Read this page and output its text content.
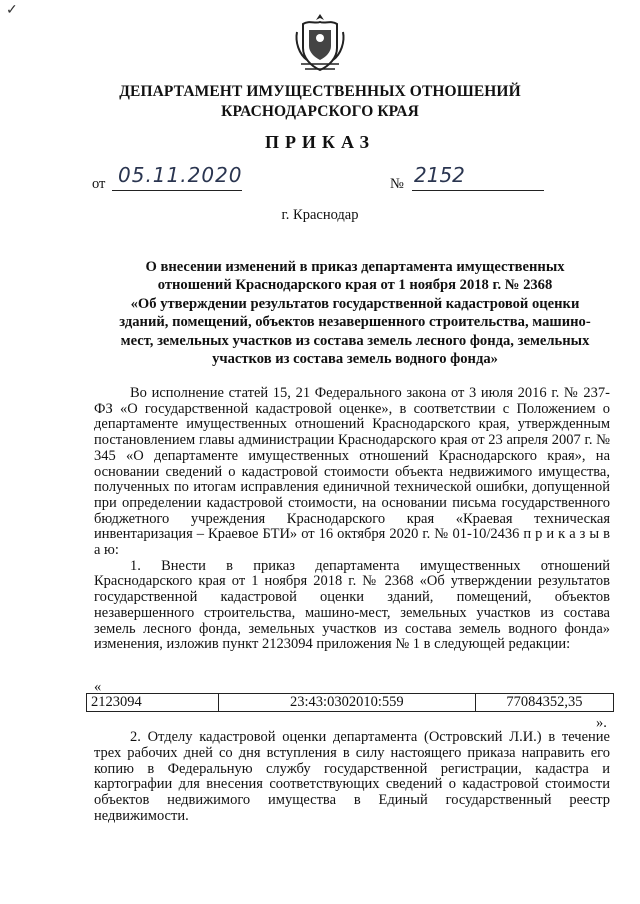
✓
ДЕПАРТАМЕНТ ИМУЩЕСТВЕННЫХ ОТНОШЕНИЙ
КРАСНОДАРСКОГО КРАЯ
ПРИКАЗ
от 05.11.2020	№ 2152
г. Краснодар
О внесении изменений в приказ департамента имущественных
отношений Краснодарского края от 1 ноября 2018 г. № 2368
«Об утверждении результатов государственной кадастровой оценки
зданий, помещений, объектов незавершенного строительства, машино-
мест, земельных участков из состава земель лесного фонда, земельных
участков из состава земель водного фонда»

Во исполнение статей 15, 21 Федерального закона от 3 июля 2016 г. № 237-ФЗ «О государственной кадастровой оценке», в соответствии с Положением о департаменте имущественных отношений Краснодарского края, утвержденным постановлением главы администрации Краснодарского края от 23 апреля 2007 г. № 345 «О департаменте имущественных отношений Краснодарского края», на основании сведений о кадастровой стоимости объекта недвижимого имущества, полученных по итогам исправления единичной технической ошибки, допущенной при определении кадастровой стоимости, на основании письма государственного бюджетного учреждения Краснодарского края «Краевая техническая инвентаризация – Краевое БТИ» от 16 октября 2020 г. № 01-10/2436 п р и к а з ы в а ю:

1. Внести в приказ департамента имущественных отношений Краснодарского края от 1 ноября 2018 г. № 2368 «Об утверждении результатов государственной кадастровой оценки зданий, помещений, объектов незавершенного строительства, машино-мест, земельных участков из состава земель лесного фонда, земельных участков из состава земель водного фонда» изменения, изложив пункт 2123094 приложения № 1 в следующей редакции:

«
2123094	23:43:0302010:559	77084352,35
».

2. Отделу кадастровой оценки департамента (Островский Л.И.) в течение трех рабочих дней со дня вступления в силу настоящего приказа направить его копию в Федеральную службу государственной регистрации, кадастра и картографии для внесения соответствующих сведений о кадастровой стоимости объектов недвижимого имущества в Единый государственный реестр недвижимости.
